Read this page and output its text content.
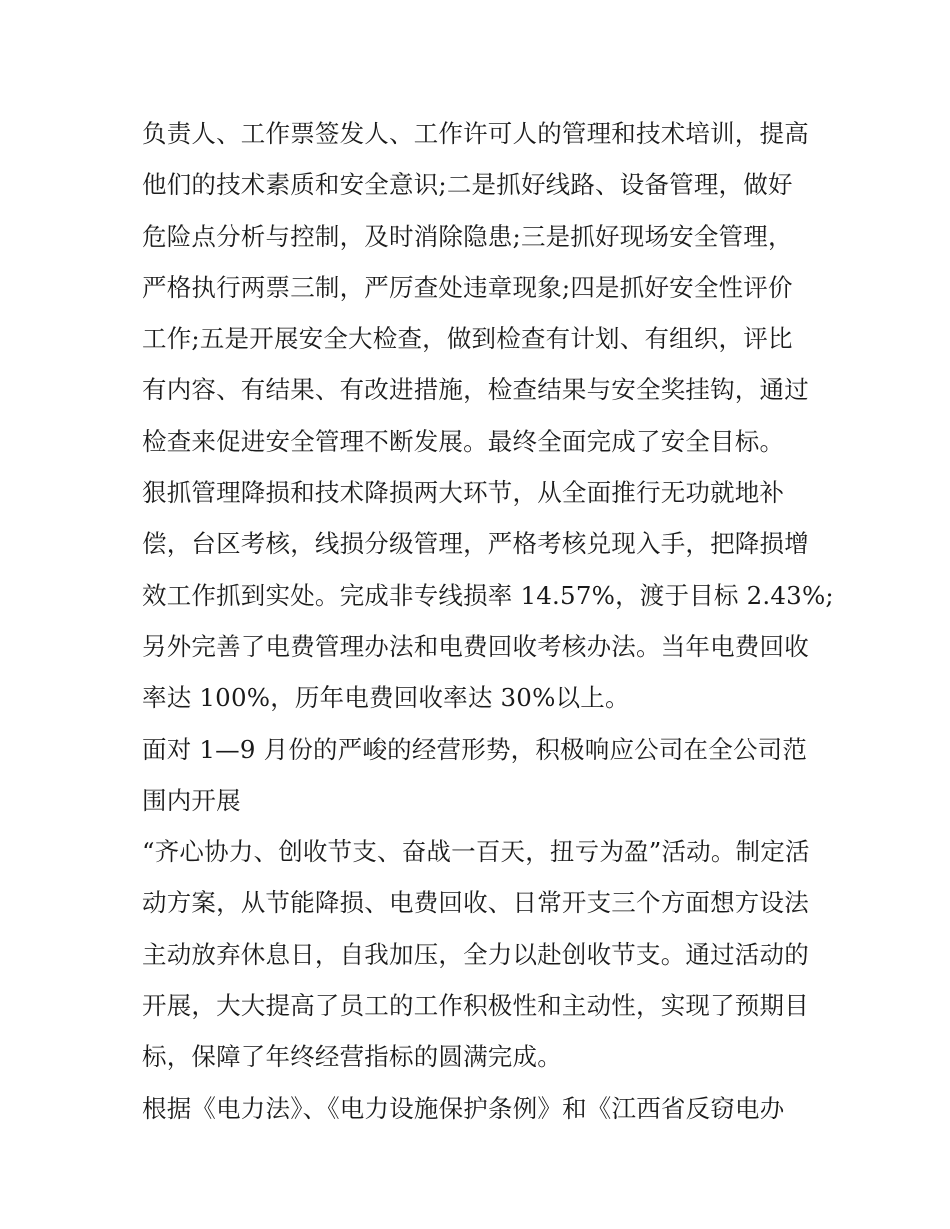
负责人、工作票签发人、工作许可人的管理和技术培训，提高
他们的技术素质和安全意识;二是抓好线路、设备管理，做好
危险点分析与控制，及时消除隐患;三是抓好现场安全管理，
严格执行两票三制，严厉查处违章现象;四是抓好安全性评价
工作;五是开展安全大检查，做到检查有计划、有组织，评比
有内容、有结果、有改进措施，检查结果与安全奖挂钩，通过
检查来促进安全管理不断发展。最终全面完成了安全目标。
狠抓管理降损和技术降损两大环节，从全面推行无功就地补
偿，台区考核，线损分级管理，严格考核兑现入手，把降损增
效工作抓到实处。完成非专线损率 14.57%，渡于目标 2.43%;
另外完善了电费管理办法和电费回收考核办法。当年电费回收
率达 100%，历年电费回收率达 30%以上。
面对 1—9 月份的严峻的经营形势，积极响应公司在全公司范
围内开展
“齐心协力、创收节支、奋战一百天，扭亏为盈”活动。制定活
动方案，从节能降损、电费回收、日常开支三个方面想方设法
主动放弃休息日，自我加压，全力以赴创收节支。通过活动的
开展，大大提高了员工的工作积极性和主动性，实现了预期目
标，保障了年终经营指标的圆满完成。
根据《电力法》、《电力设施保护条例》和《江西省反窃电办
